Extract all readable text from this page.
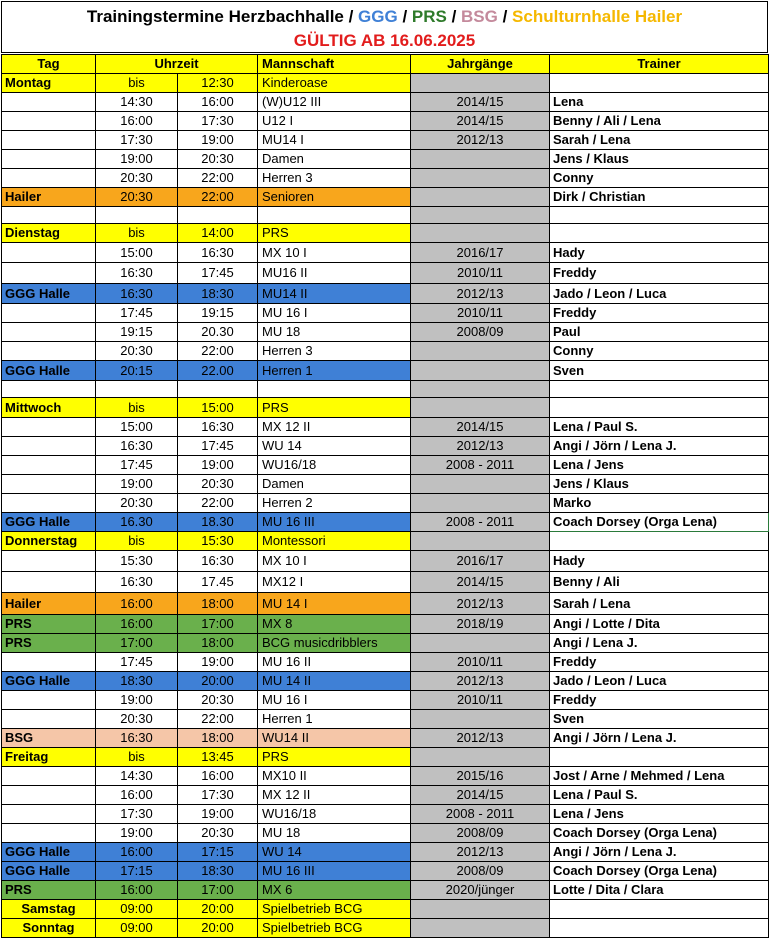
Trainingstermine Herzbachhalle / GGG / PRS / BSG / Schulturnhalle Hailer
GÜLTIG AB 16.06.2025
Tag	Uhrzeit		Mannschaft	Jahrgänge	Trainer
Montag	bis	12:30	Kinderoase		
	14:30	16:00	(W)U12 III	2014/15	Lena
	16:00	17:30	U12 I	2014/15	Benny / Ali / Lena
	17:30	19:00	MU14 I	2012/13	Sarah / Lena
	19:00	20:30	Damen		Jens / Klaus
	20:30	22:00	Herren 3		Conny
Hailer	20:30	22:00	Senioren		Dirk / Christian

Dienstag	bis	14:00	PRS		
	15:00	16:30	MX 10 I	2016/17	Hady
	16:30	17:45	MU16 II	2010/11	Freddy
GGG Halle	16:30	18:30	MU14 II	2012/13	Jado / Leon / Luca
	17:45	19:15	MU 16 I	2010/11	Freddy
	19:15	20.30	MU 18	2008/09	Paul
	20:30	22:00	Herren 3		Conny
GGG Halle	20:15	22.00	Herren 1		Sven

Mittwoch	bis	15:00	PRS		
	15:00	16:30	MX 12 II	2014/15	Lena / Paul S.
	16:30	17:45	WU 14	2012/13	Angi / Jörn / Lena J.
	17:45	19:00	WU16/18	2008 - 2011	Lena / Jens
	19:00	20:30	Damen		Jens / Klaus
	20:30	22:00	Herren 2		Marko
GGG Halle	16.30	18.30	MU 16 III	2008 - 2011	Coach Dorsey (Orga Lena)
Donnerstag	bis	15:30	Montessori		
	15:30	16:30	MX 10 I	2016/17	Hady
	16:30	17.45	MX12 I	2014/15	Benny / Ali
Hailer	16:00	18:00	MU 14 I	2012/13	Sarah / Lena
PRS	16:00	17:00	MX 8	2018/19	Angi / Lotte / Dita
PRS	17:00	18:00	BCG musicdribblers		Angi / Lena J.
	17:45	19:00	MU 16 II	2010/11	Freddy
GGG Halle	18:30	20:00	MU 14 II	2012/13	Jado / Leon / Luca
	19:00	20:30	MU 16 I	2010/11	Freddy
	20:30	22:00	Herren 1		Sven
BSG	16:30	18:00	WU14 II	2012/13	Angi / Jörn / Lena J.
Freitag	bis	13:45	PRS		
	14:30	16:00	MX10 II	2015/16	Jost / Arne / Mehmed / Lena
	16:00	17:30	MX 12 II	2014/15	Lena / Paul S.
	17:30	19:00	WU16/18	2008 - 2011	Lena / Jens
	19:00	20:30	MU 18	2008/09	Coach Dorsey (Orga Lena)
GGG Halle	16:00	17:15	WU 14	2012/13	Angi / Jörn / Lena J.
GGG Halle	17:15	18:30	MU 16 III	2008/09	Coach Dorsey (Orga Lena)
PRS	16:00	17:00	MX 6	2020/jünger	Lotte / Dita / Clara
Samstag	09:00	20:00	Spielbetrieb BCG		
Sonntag	09:00	20:00	Spielbetrieb BCG		
